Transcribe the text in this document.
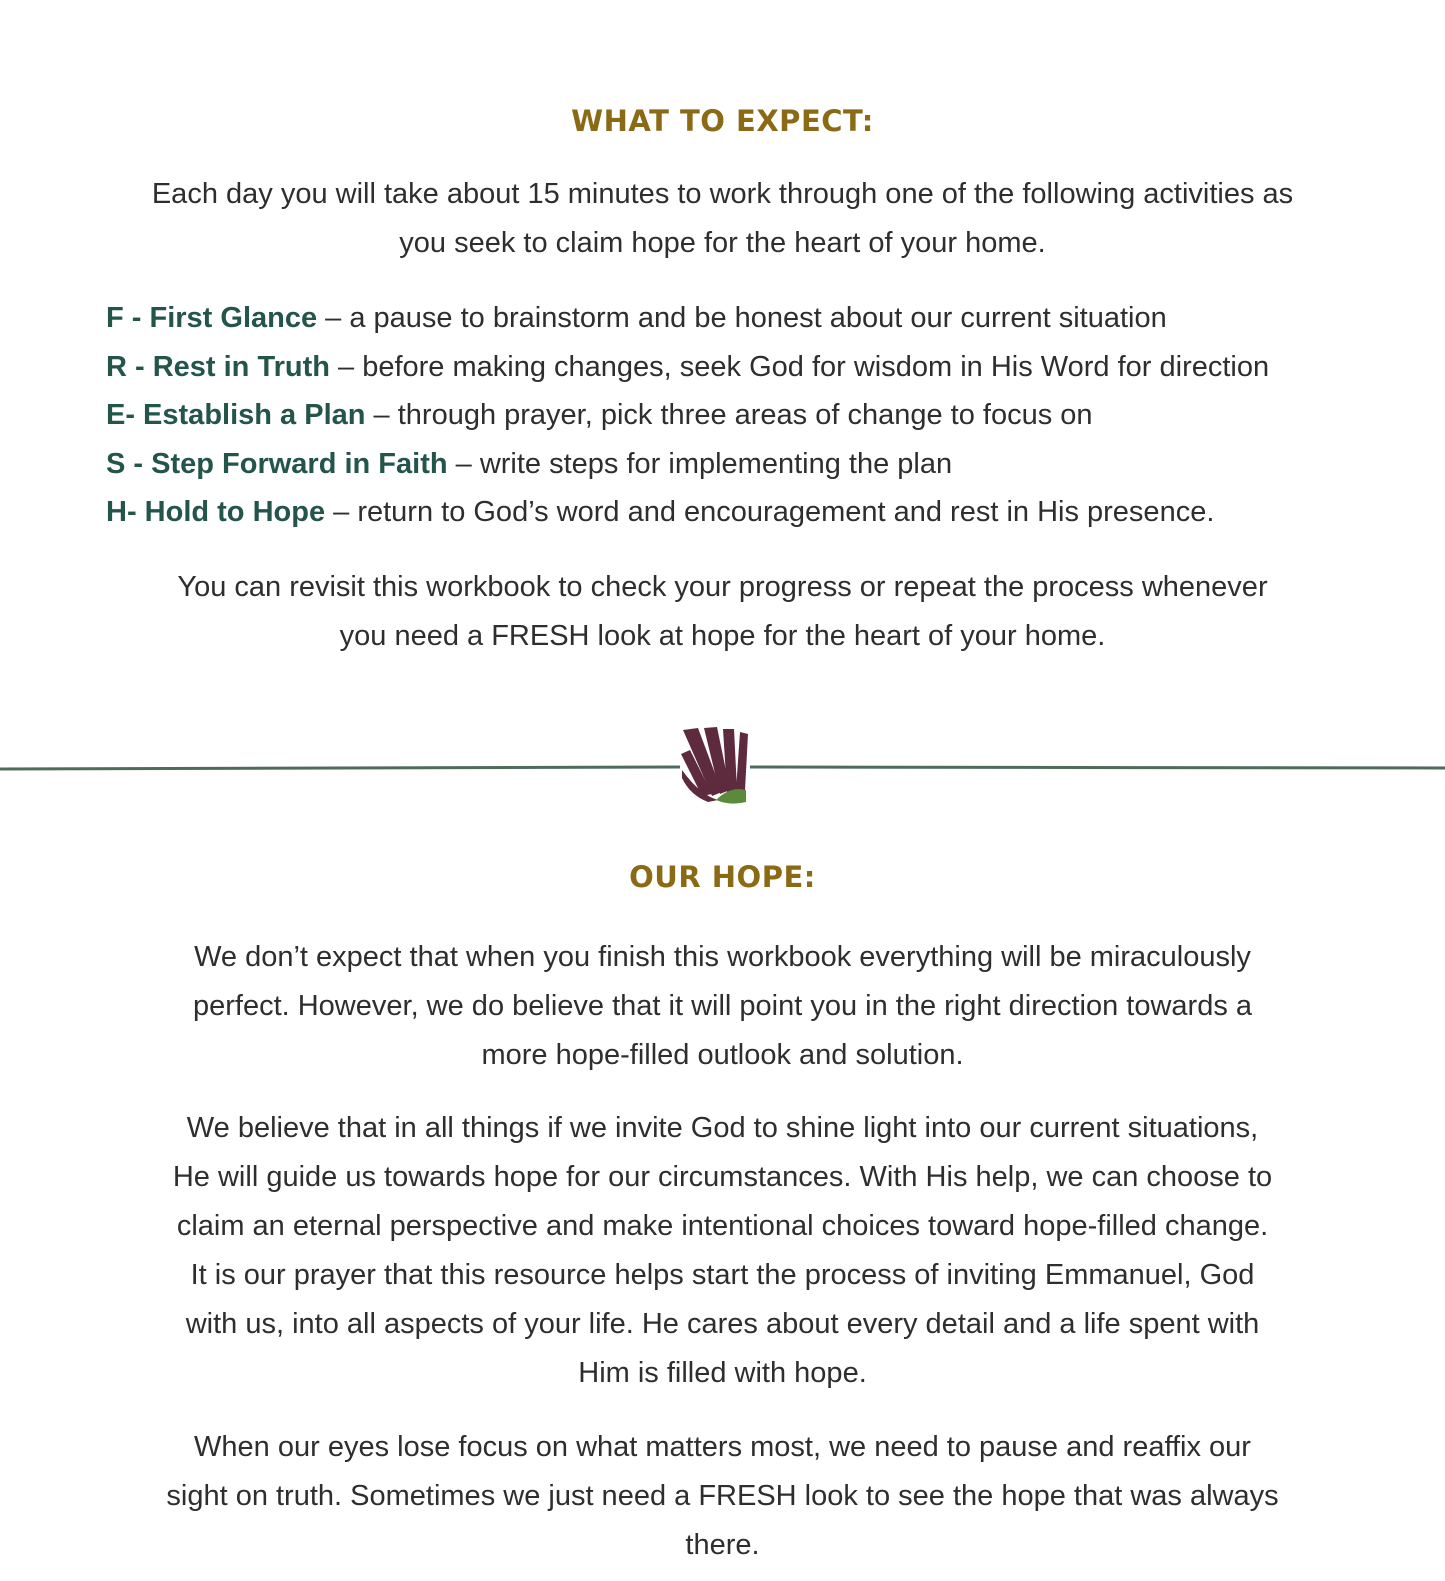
WHAT TO EXPECT:

Each day you will take about 15 minutes to work through one of the following activities as
you seek to claim hope for the heart of your home.

F - First Glance – a pause to brainstorm and be honest about our current situation
R - Rest in Truth – before making changes, seek God for wisdom in His Word for direction
E- Establish a Plan – through prayer, pick three areas of change to focus on
S - Step Forward in Faith – write steps for implementing the plan
H- Hold to Hope – return to God’s word and encouragement and rest in His presence.

You can revisit this workbook to check your progress or repeat the process whenever
you need a FRESH look at hope for the heart of your home.

OUR HOPE:

We don’t expect that when you finish this workbook everything will be miraculously
perfect. However, we do believe that it will point you in the right direction towards a
more hope-filled outlook and solution.

We believe that in all things if we invite God to shine light into our current situations,
He will guide us towards hope for our circumstances. With His help, we can choose to
claim an eternal perspective and make intentional choices toward hope-filled change.
It is our prayer that this resource helps start the process of inviting Emmanuel, God
with us, into all aspects of your life. He cares about every detail and a life spent with
Him is filled with hope.

When our eyes lose focus on what matters most, we need to pause and reaffix our
sight on truth. Sometimes we just need a FRESH look to see the hope that was always
there.
